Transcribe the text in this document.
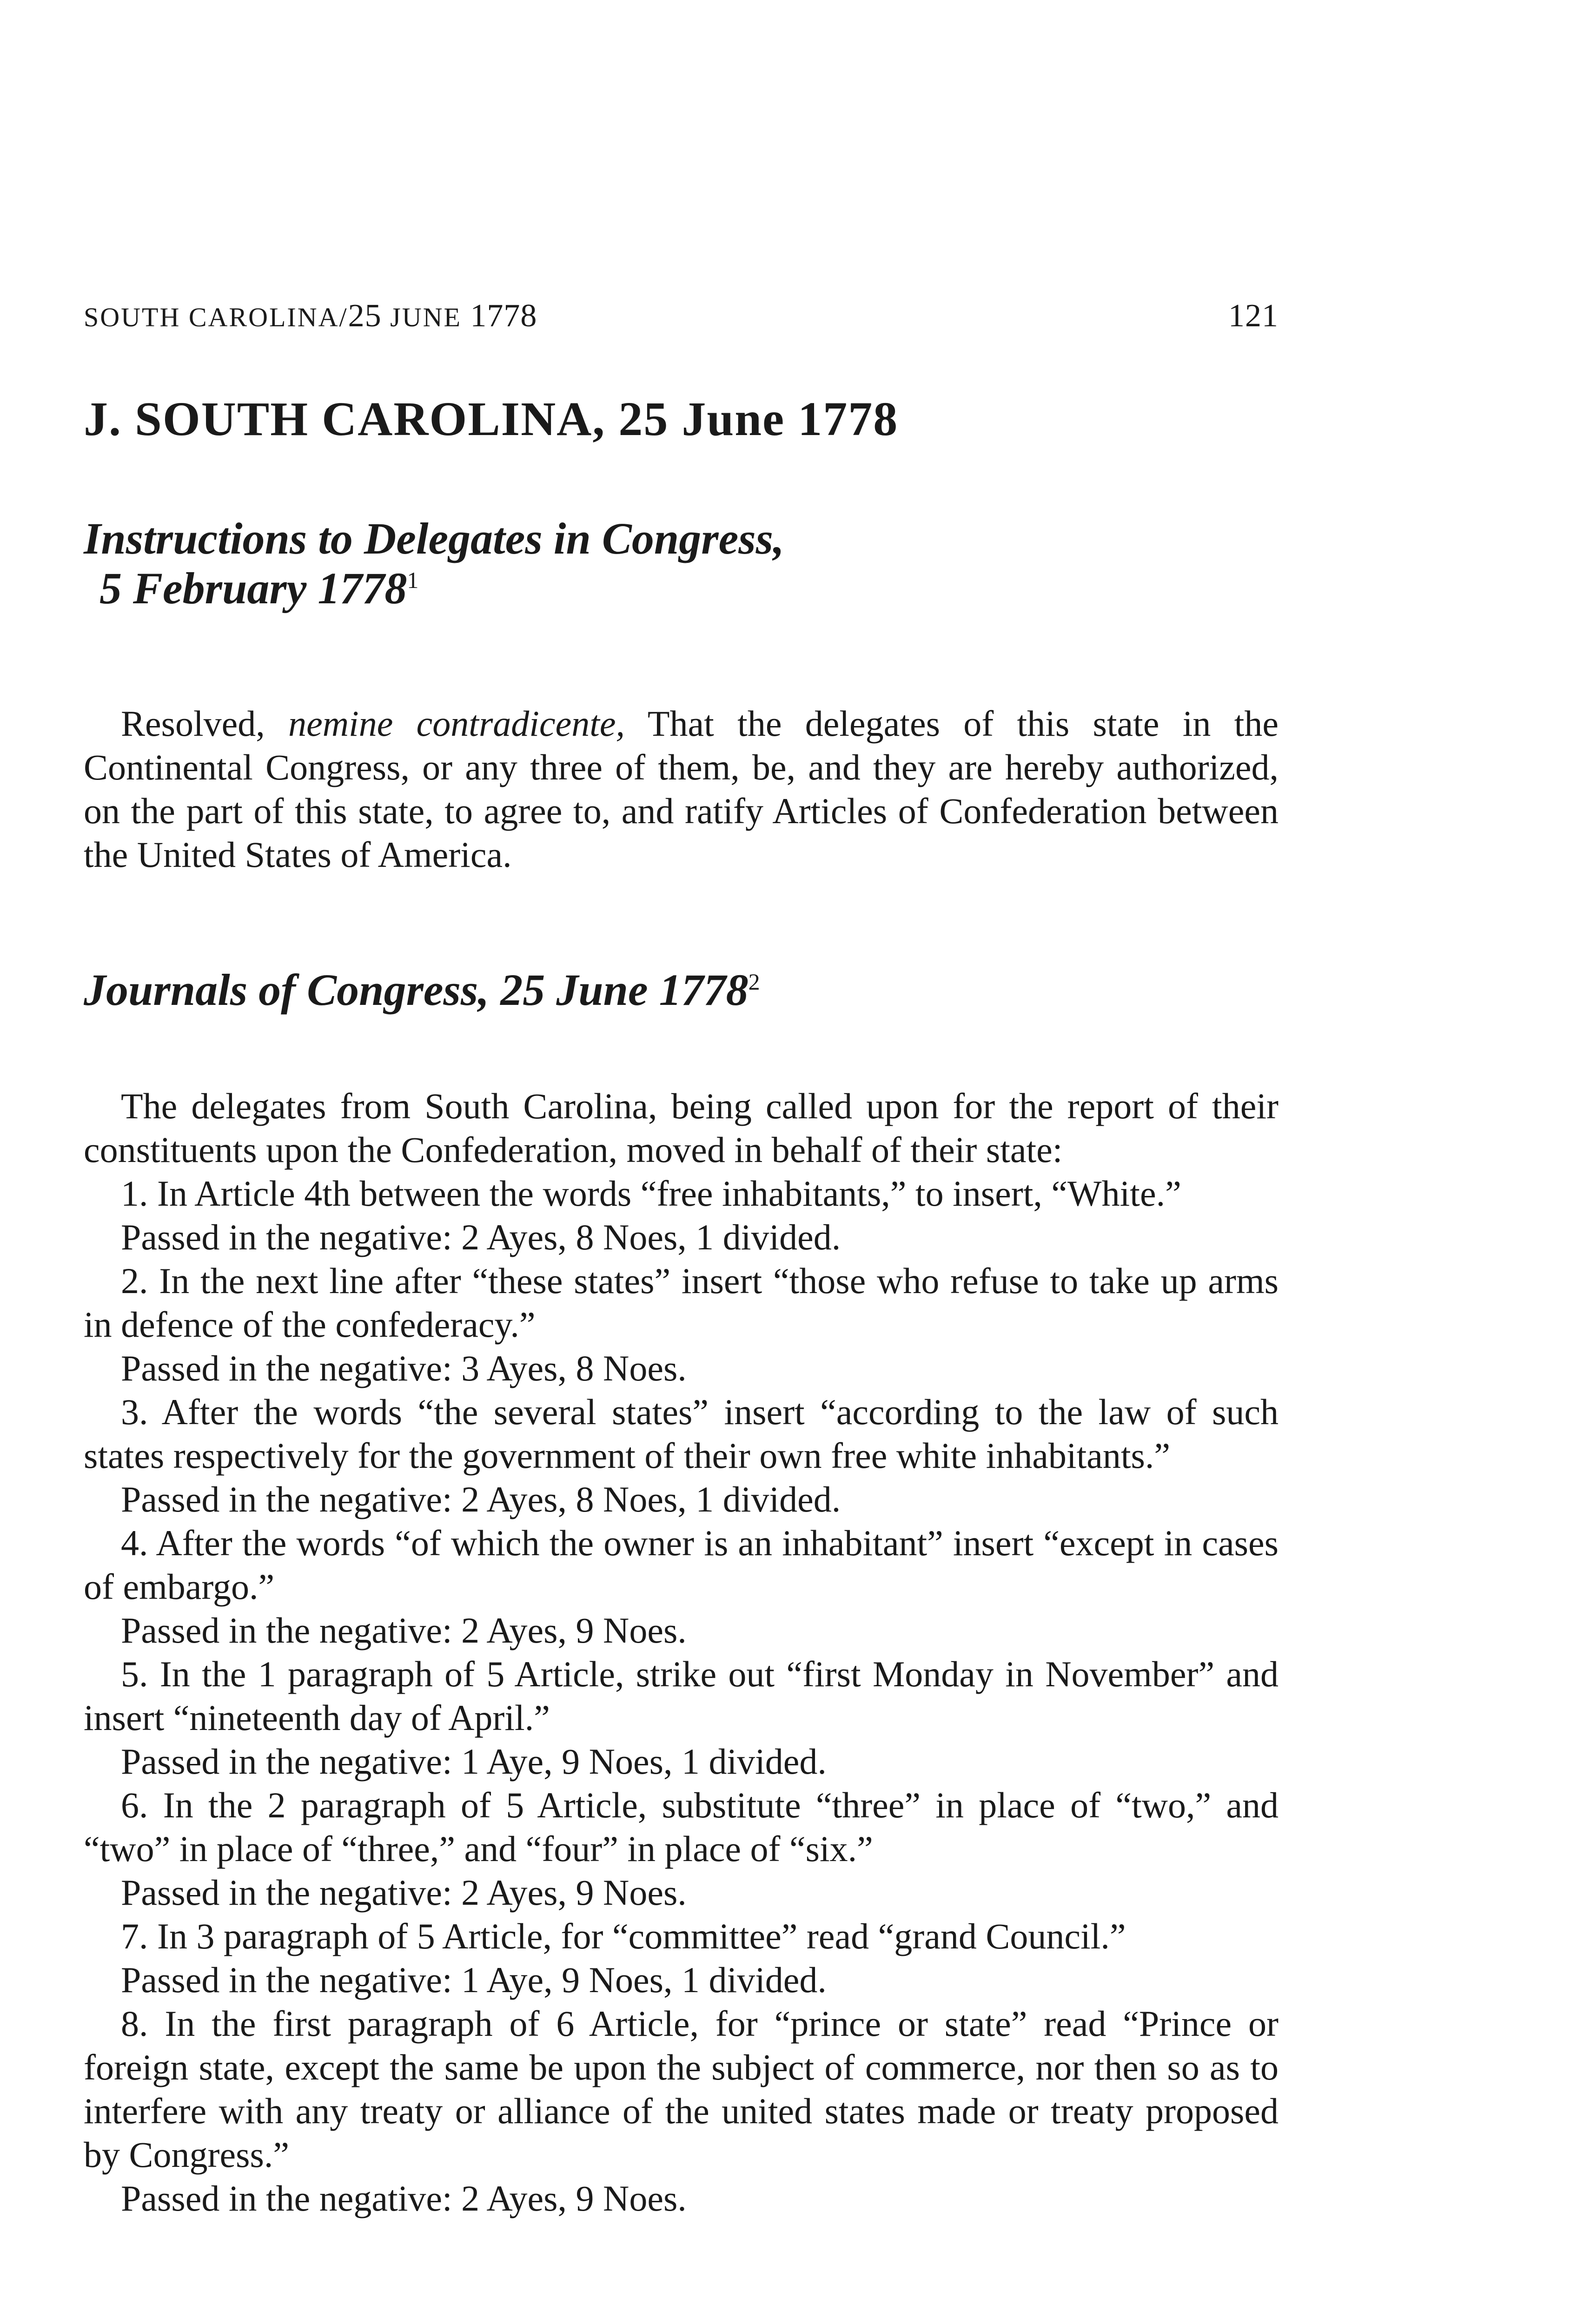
SOUTH CAROLINA/25 JUNE 1778	121
J. SOUTH CAROLINA, 25 June 1778
Instructions to Delegates in Congress,
5 February 1778$^1$

Resolved, nemine contradicente, That the delegates of this state in the Continental Congress, or any three of them, be, and they are hereby authorized, on the part of this state, to agree to, and ratify Articles of Confederation between the United States of America.

Journals of Congress, 25 June 1778$^2$

The delegates from South Carolina, being called upon for the report of their constituents upon the Confederation, moved in behalf of their state:

1. In Article 4th between the words “free inhabitants,” to insert, “White.”

Passed in the negative: 2 Ayes, 8 Noes, 1 divided.

2. In the next line after “these states” insert “those who refuse to take up arms in defence of the confederacy.”

Passed in the negative: 3 Ayes, 8 Noes.

3. After the words “the several states” insert “according to the law of such states respectively for the government of their own free white inhabitants.”

Passed in the negative: 2 Ayes, 8 Noes, 1 divided.

4. After the words “of which the owner is an inhabitant” insert “except in cases of embargo.”

Passed in the negative: 2 Ayes, 9 Noes.

5. In the 1 paragraph of 5 Article, strike out “first Monday in November” and insert “nineteenth day of April.”

Passed in the negative: 1 Aye, 9 Noes, 1 divided.

6. In the 2 paragraph of 5 Article, substitute “three” in place of “two,” and “two” in place of “three,” and “four” in place of “six.”

Passed in the negative: 2 Ayes, 9 Noes.

7. In 3 paragraph of 5 Article, for “committee” read “grand Council.”

Passed in the negative: 1 Aye, 9 Noes, 1 divided.

8. In the first paragraph of 6 Article, for “prince or state” read “Prince or foreign state, except the same be upon the subject of commerce, nor then so as to interfere with any treaty or alliance of the united states made or treaty proposed by Congress.”

Passed in the negative: 2 Ayes, 9 Noes.
